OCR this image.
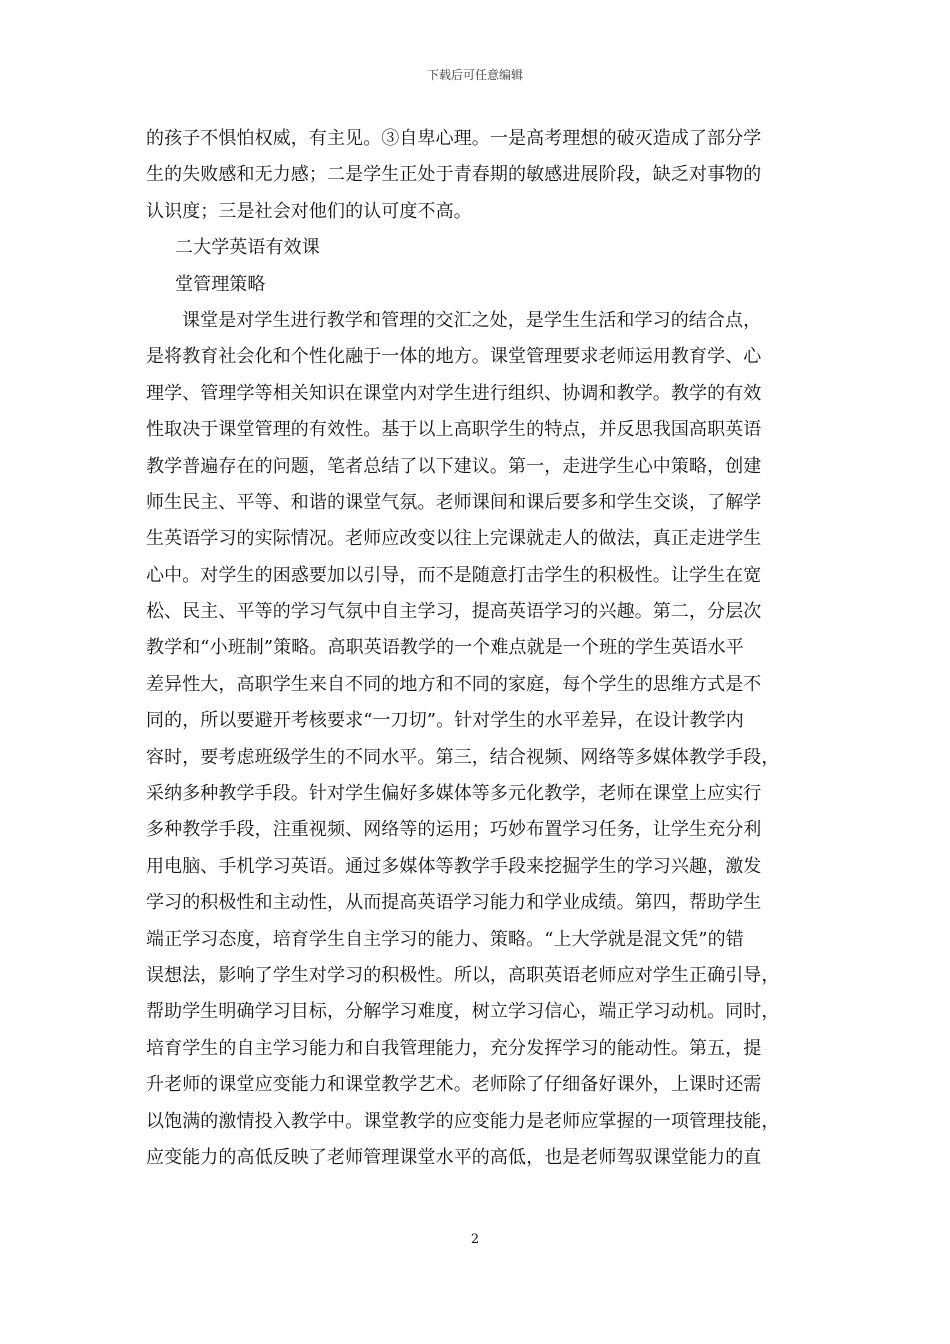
下载后可任意编辑
的孩子不惧怕权威，有主见。③自卑心理。一是高考理想的破灭造成了部分学
生的失败感和无力感；二是学生正处于青春期的敏感进展阶段，缺乏对事物的
认识度；三是社会对他们的认可度不高。
二大学英语有效课
堂管理策略
课堂是对学生进行教学和管理的交汇之处，是学生生活和学习的结合点，
是将教育社会化和个性化融于一体的地方。课堂管理要求老师运用教育学、心
理学、管理学等相关知识在课堂内对学生进行组织、协调和教学。教学的有效
性取决于课堂管理的有效性。基于以上高职学生的特点，并反思我国高职英语
教学普遍存在的问题，笔者总结了以下建议。第一，走进学生心中策略，创建
师生民主、平等、和谐的课堂气氛。老师课间和课后要多和学生交谈，了解学
生英语学习的实际情况。老师应改变以往上完课就走人的做法，真正走进学生
心中。对学生的困惑要加以引导，而不是随意打击学生的积极性。让学生在宽
松、民主、平等的学习气氛中自主学习，提高英语学习的兴趣。第二，分层次
教学和“小班制”策略。高职英语教学的一个难点就是一个班的学生英语水平
差异性大，高职学生来自不同的地方和不同的家庭，每个学生的思维方式是不
同的，所以要避开考核要求“一刀切”。针对学生的水平差异，在设计教学内
容时，要考虑班级学生的不同水平。第三，结合视频、网络等多媒体教学手段，
采纳多种教学手段。针对学生偏好多媒体等多元化教学，老师在课堂上应实行
多种教学手段，注重视频、网络等的运用；巧妙布置学习任务，让学生充分利
用电脑、手机学习英语。通过多媒体等教学手段来挖掘学生的学习兴趣，激发
学习的积极性和主动性，从而提高英语学习能力和学业成绩。第四，帮助学生
端正学习态度，培育学生自主学习的能力、策略。“上大学就是混文凭”的错
误想法，影响了学生对学习的积极性。所以，高职英语老师应对学生正确引导，
帮助学生明确学习目标，分解学习难度，树立学习信心，端正学习动机。同时，
培育学生的自主学习能力和自我管理能力，充分发挥学习的能动性。第五，提
升老师的课堂应变能力和课堂教学艺术。老师除了仔细备好课外，上课时还需
以饱满的激情投入教学中。课堂教学的应变能力是老师应掌握的一项管理技能，
应变能力的高低反映了老师管理课堂水平的高低，也是老师驾驭课堂能力的直
2
